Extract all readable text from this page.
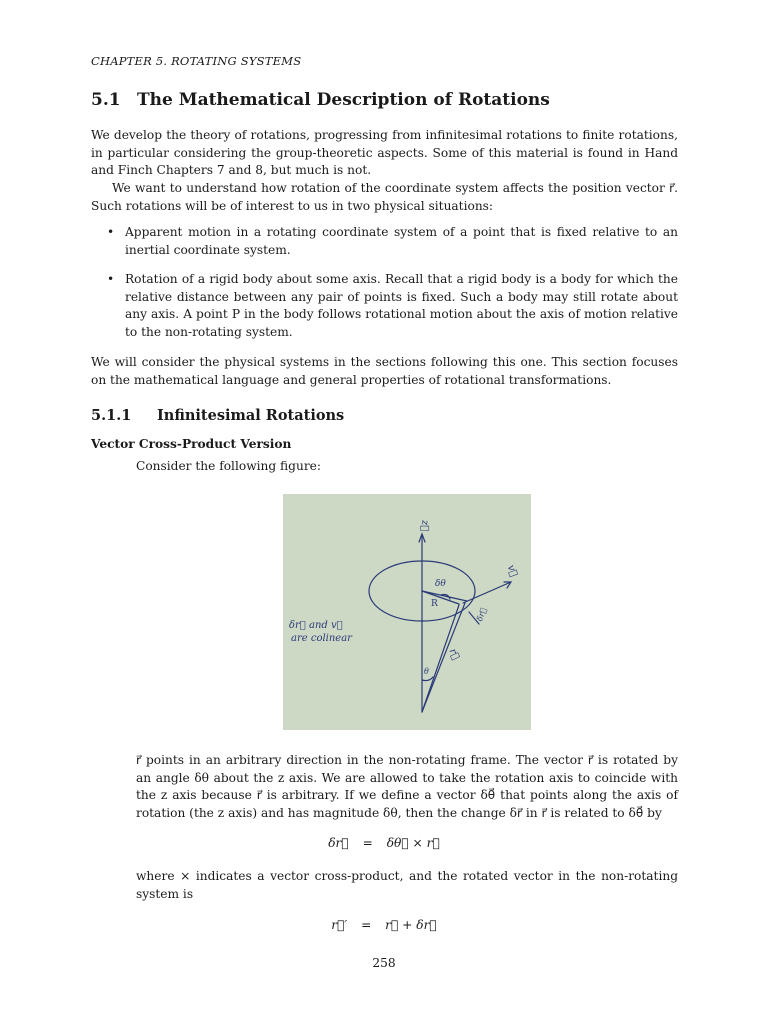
CHAPTER 5. ROTATING SYSTEMS
5.1 The Mathematical Description of Rotations

We develop the theory of rotations, progressing from infinitesimal rotations to finite rotations, in particular considering the group-theoretic aspects. Some of this material is found in Hand and Finch Chapters 7 and 8, but much is not.

We want to understand how rotation of the coordinate system affects the position vector r⃗. Such rotations will be of interest to us in two physical situations:

• Apparent motion in a rotating coordinate system of a point that is fixed relative to an inertial coordinate system.
• Rotation of a rigid body about some axis. Recall that a rigid body is a body for which the relative distance between any pair of points is fixed. Such a body may still rotate about any axis. A point P in the body follows rotational motion about the axis of motion relative to the non-rotating system.

We will consider the physical systems in the sections following this one. This section focuses on the mathematical language and general properties of rotational transformations.

5.1.1 Infinitesimal Rotations
Vector Cross-Product Version
Consider the following figure:
z⃗
v⃗
δθ
R
δr⃗
r⃗
θ
δr⃗ and v⃗
are colinear

r⃗ points in an arbitrary direction in the non-rotating frame. The vector r⃗ is rotated by an angle δθ about the z axis. We are allowed to take the rotation axis to coincide with the z axis because r⃗ is arbitrary. If we define a vector δθ⃗ that points along the axis of rotation (the z axis) and has magnitude δθ, then the change δr⃗ in r⃗ is related to δθ⃗ by

δr⃗ = δθ⃗ × r⃗

where × indicates a vector cross-product, and the rotated vector in the non-rotating system is

r⃗′ = r⃗ + δr⃗
258
